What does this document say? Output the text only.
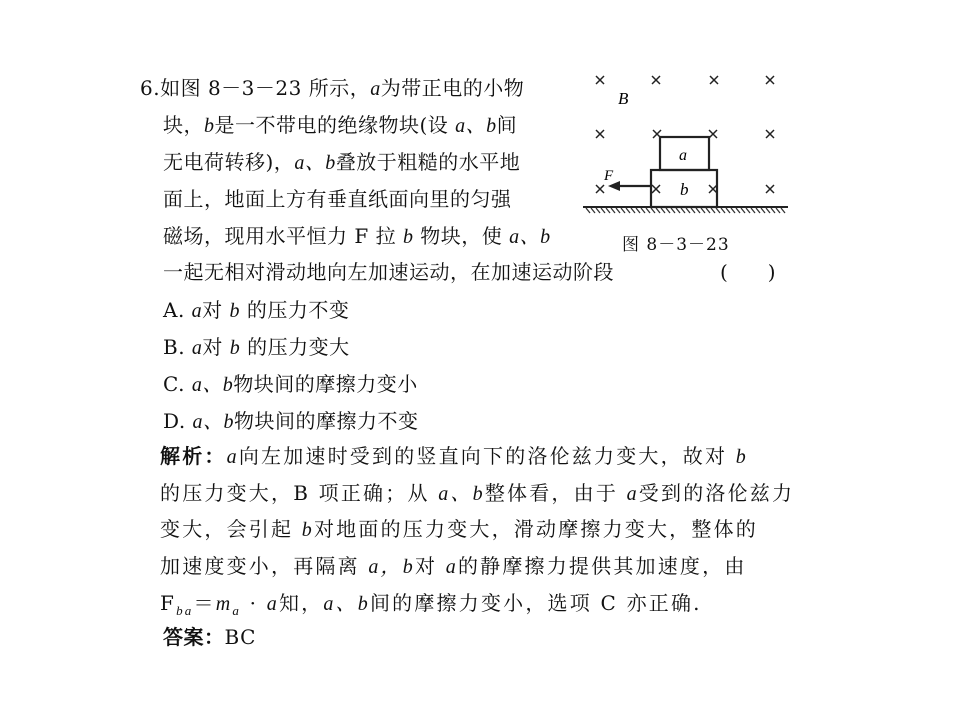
6.如图 8－3－23 所示，a为带正电的小物
块，b是一不带电的绝缘物块(设 a、b间
无电荷转移)，a、b叠放于粗糙的水平地
面上，地面上方有垂直纸面向里的匀强
磁场，现用水平恒力 F 拉 b 物块，使 a、b
一起无相对滑动地向左加速运动，在加速运动阶段	(　　)
B
F
a
b
图 8－3－23
A. a对 b 的压力不变
B. a对 b 的压力变大
C. a、b物块间的摩擦力变小
D. a、b物块间的摩擦力不变
解析：a向左加速时受到的竖直向下的洛伦兹力变大，故对 b
的压力变大，B 项正确；从 a、b整体看，由于 a受到的洛伦兹力
变大，会引起 b对地面的压力变大，滑动摩擦力变大，整体的
加速度变小，再隔离 a，b对 a的静摩擦力提供其加速度，由
$F_{ba}=m_a \cdot a$知，a、b间的摩擦力变小，选项 C 亦正确.
答案：BC
